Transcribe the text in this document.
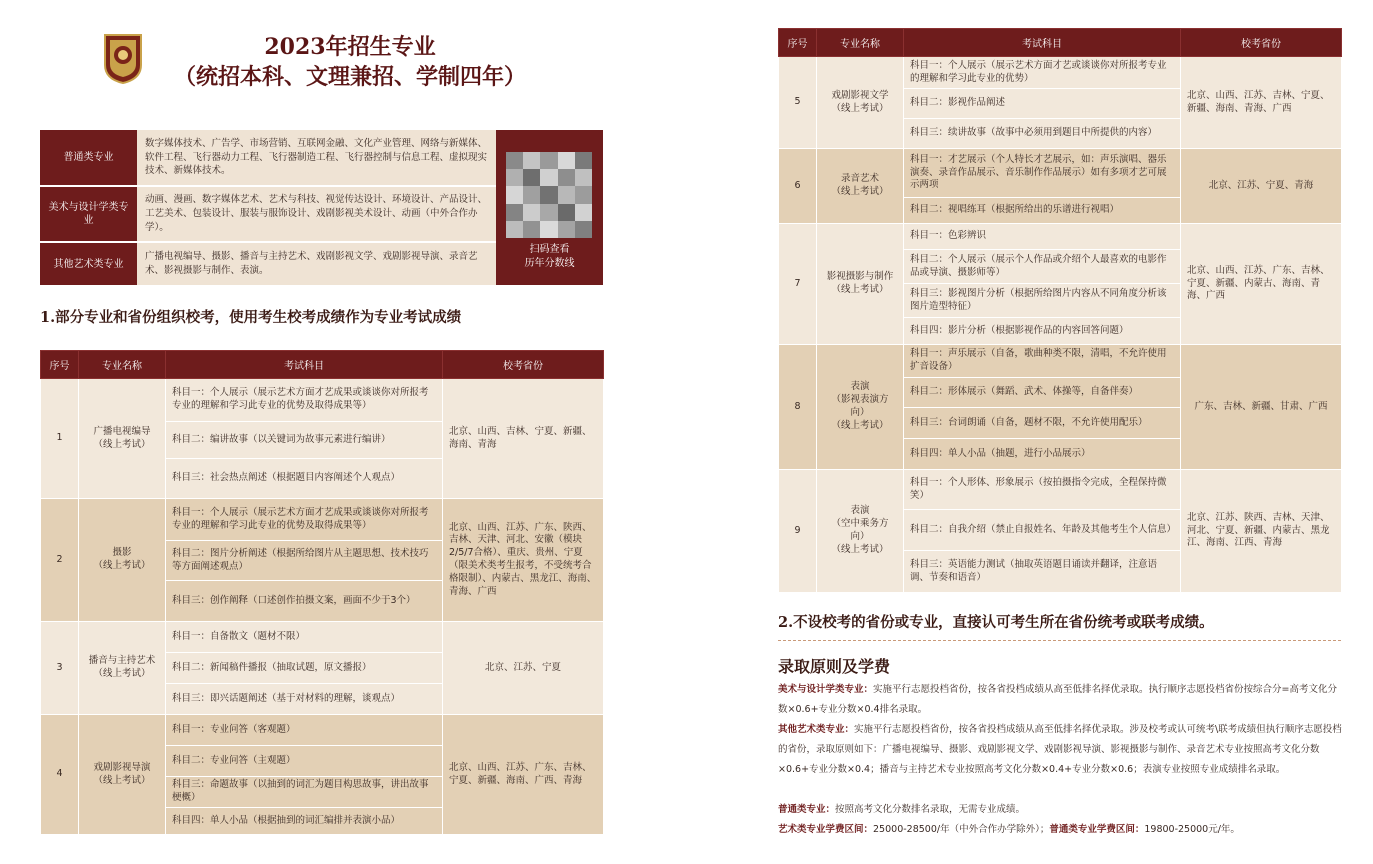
2023年招生专业
（统招本科、文理兼招、学制四年）
普通类专业
数字媒体技术、广告学、市场营销、互联网金融、文化产业管理、网络与新媒体、软件工程、飞行器动力工程、飞行器制造工程、飞行器控制与信息工程、虚拟现实技术、新媒体技术。
美术与设计学类专业
动画、漫画、数字媒体艺术、艺术与科技、视觉传达设计、环境设计、产品设计、工艺美术、包装设计、服装与服饰设计、戏剧影视美术设计、动画（中外合作办学）。
其他艺术类专业
广播电视编导、摄影、播音与主持艺术、戏剧影视文学、戏剧影视导演、录音艺术、影视摄影与制作、表演。
扫码查看
历年分数线
1.部分专业和省份组织校考，使用考生校考成绩作为专业考试成绩
序号	专业名称	考试科目	校考省份
1	广播电视编导
（线上考试）	科目一：个人展示（展示艺术方面才艺成果或谈谈你对所报考专业的理解和学习此专业的优势及取得成果等）	北京、山西、吉林、宁夏、新疆、海南、青海
		科目二：编讲故事（以关键词为故事元素进行编讲）	
		科目三：社会热点阐述（根据题目内容阐述个人观点）	
2	摄影
（线上考试）	科目一：个人展示（展示艺术方面才艺成果或谈谈你对所报考专业的理解和学习此专业的优势及取得成果等）	北京、山西、江苏、广东、陕西、吉林、天津、河北、安徽（模块2/5/7合格）、重庆、贵州、宁夏（限美术类考生报考，不受统考合格限制）、内蒙古、黑龙江、海南、青海、广西
		科目二：图片分析阐述（根据所给图片从主题思想、技术技巧等方面阐述观点）	
		科目三：创作阐释（口述创作拍摄文案，画面不少于3个）	
3	播音与主持艺术
（线上考试）	科目一：自备散文（题材不限）	北京、江苏、宁夏
		科目二：新闻稿件播报（抽取试题，原文播报）	
		科目三：即兴话题阐述（基于对材料的理解，谈观点）	
4	戏剧影视导演
（线上考试）	科目一：专业问答（客观题）	北京、山西、江苏、广东、吉林、宁夏、新疆、海南、广西、青海
		科目二：专业问答（主观题）	
		科目三：命题故事（以抽到的词汇为题目构思故事，讲出故事梗概）	
		科目四：单人小品（根据抽到的词汇编排并表演小品）	
序号	专业名称	考试科目	校考省份
5	戏剧影视文学
（线上考试）	科目一：个人展示（展示艺术方面才艺或谈谈你对所报考专业的理解和学习此专业的优势）	北京、山西、江苏、吉林、宁夏、新疆、海南、青海、广西
		科目二：影视作品阐述	
		科目三：续讲故事（故事中必须用到题目中所提供的内容）	
6	录音艺术
（线上考试）	科目一：才艺展示（个人特长才艺展示，如：声乐演唱、器乐演奏、录音作品展示、音乐制作作品展示）如有多项才艺可展示两项	北京、江苏、宁夏、青海
		科目二：视唱练耳（根据所给出的乐谱进行视唱）	
7	影视摄影与制作
（线上考试）	科目一：色彩辨识	北京、山西、江苏、广东、吉林、宁夏、新疆、内蒙古、海南、青海、广西
		科目二：个人展示（展示个人作品或介绍个人最喜欢的电影作品或导演、摄影师等）	
		科目三：影视图片分析（根据所给图片内容从不同角度分析该图片造型特征）	
		科目四：影片分析（根据影视作品的内容回答问题）	
8	表演
（影视表演方向）
（线上考试）	科目一：声乐展示（自备，歌曲种类不限，清唱，不允许使用扩音设备）	广东、吉林、新疆、甘肃、广西
		科目二：形体展示（舞蹈、武术、体操等，自备伴奏）	
		科目三：台词朗诵（自备，题材不限，不允许使用配乐）	
		科目四：单人小品（抽题，进行小品展示）	
9	表演
（空中乘务方向）
（线上考试）	科目一：个人形体、形象展示（按拍摄指令完成，全程保持微笑）	北京、江苏、陕西、吉林、天津、河北、宁夏、新疆、内蒙古、黑龙江、海南、江西、青海
		科目二：自我介绍（禁止自报姓名、年龄及其他考生个人信息）	
		科目三：英语能力测试（抽取英语题目诵读并翻译，注意语调、节奏和语音）	
2.不设校考的省份或专业，直接认可考生所在省份统考或联考成绩。
录取原则及学费
美术与设计学类专业：实施平行志愿投档省份，按各省投档成绩从高至低排名择优录取。执行顺序志愿投档省份按综合分=高考文化分数×0.6+专业分数×0.4排名录取。
其他艺术类专业：实施平行志愿投档省份，按各省投档成绩从高至低排名择优录取。涉及校考或认可统考\联考成绩但执行顺序志愿投档的省份，录取原则如下：广播电视编导、摄影、戏剧影视文学、戏剧影视导演、影视摄影与制作、录音艺术专业按照高考文化分数×0.6+专业分数×0.4；播音与主持艺术专业按照高考文化分数×0.4+专业分数×0.6；表演专业按照专业成绩排名录取。
普通类专业：按照高考文化分数排名录取，无需专业成绩。
艺术类专业学费区间：25000-28500/年（中外合作办学除外）；普通类专业学费区间：19800-25000元/年。
